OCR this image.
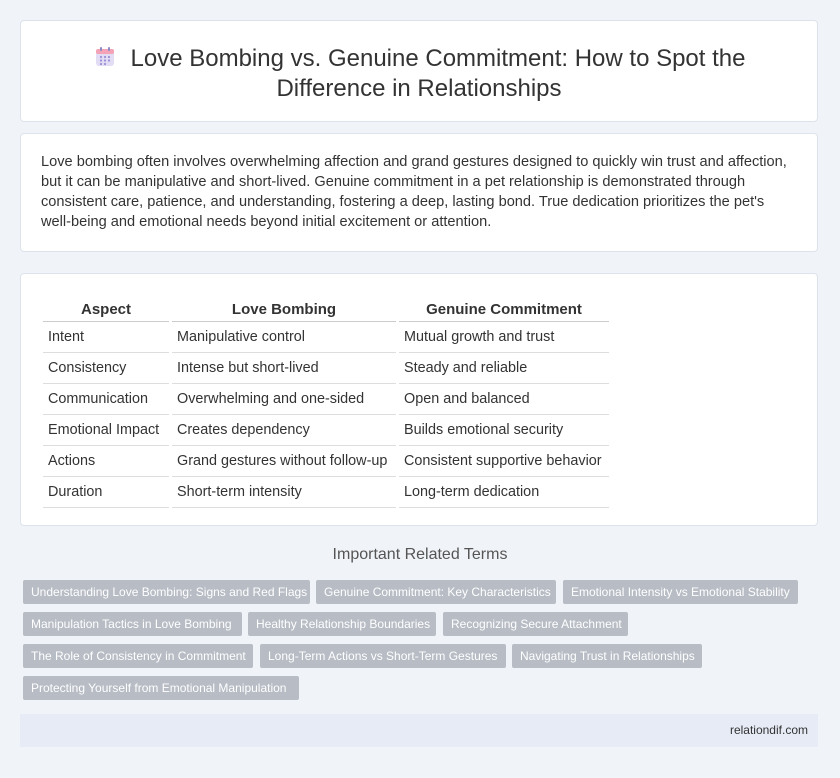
Love Bombing vs. Genuine Commitment: How to Spot the
Difference in Relationships

Love bombing often involves overwhelming affection and grand gestures designed to quickly win trust and affection, but it can be manipulative and short-lived. Genuine commitment in a pet relationship is demonstrated through consistent care, patience, and understanding, fostering a deep, lasting bond. True dedication prioritizes the pet's well-being and emotional needs beyond initial excitement or attention.

Aspect		Love Bombing		Genuine Commitment
Intent		Manipulative control		Mutual growth and trust
Consistency		Intense but short-lived		Steady and reliable
Communication		Overwhelming and one-sided		Open and balanced
Emotional Impact		Creates dependency		Builds emotional security
Actions		Grand gestures without follow-up		Consistent supportive behavior
Duration		Short-term intensity		Long-term dedication
Important Related Terms
Understanding Love Bombing: Signs and Red Flags	Genuine Commitment: Key Characteristics	Emotional Intensity vs Emotional Stability
Manipulation Tactics in Love Bombing	Healthy Relationship Boundaries	Recognizing Secure Attachment
The Role of Consistency in Commitment	Long-Term Actions vs Short-Term Gestures	Navigating Trust in Relationships
Protecting Yourself from Emotional Manipulation
relationdif.com
